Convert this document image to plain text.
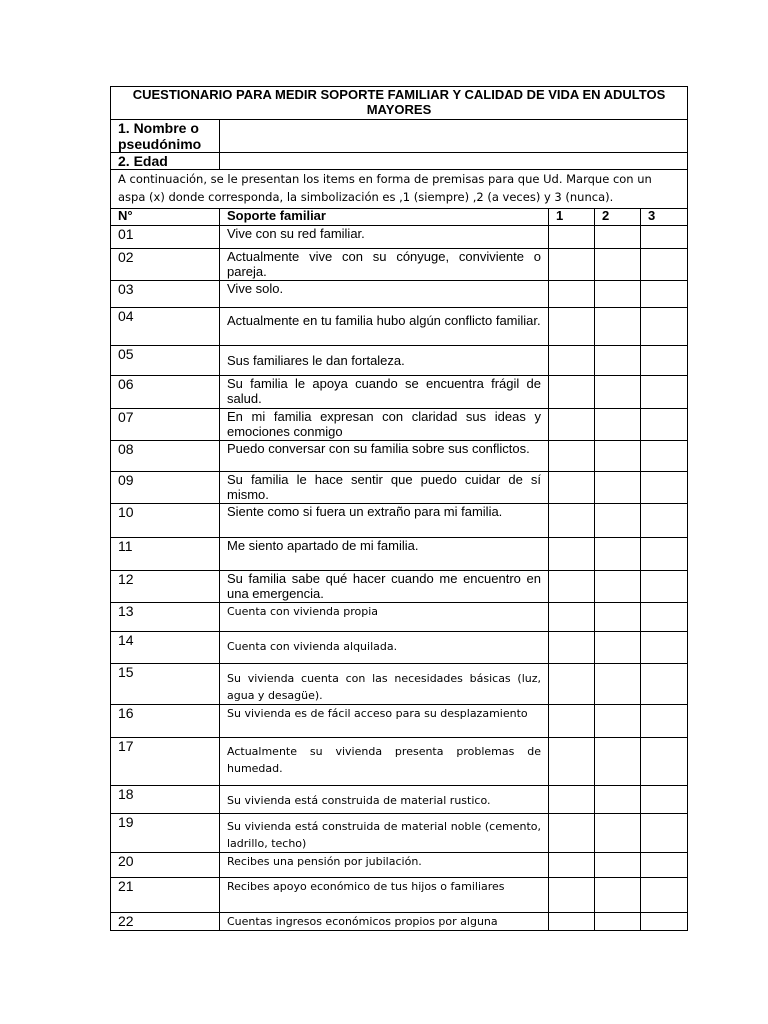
CUESTIONARIO PARA MEDIR SOPORTE FAMILIAR Y CALIDAD DE VIDA EN ADULTOS MAYORES				
1. Nombre o pseudónimo				
2. Edad				
A continuación, se le presentan los items en forma de premisas para que Ud. Marque con un aspa (x) donde corresponda, la simbolización es ,1 (siempre) ,2 (a veces) y 3 (nunca).				
N°	Soporte familiar	1	2	3
01	Vive con su red familiar.			
02	Actualmente vive con su cónyuge, conviviente o pareja.			
03	Vive solo.			
04	Actualmente en tu familia hubo algún conflicto familiar.			
05	Sus familiares le dan fortaleza.			
06	Su familia le apoya cuando se encuentra frágil de salud.			
07	En mi familia expresan con claridad sus ideas y emociones conmigo			
08	Puedo conversar con su familia sobre sus conflictos.			
09	Su familia le hace sentir que puedo cuidar de sí mismo.			
10	Siente como si fuera un extraño para mi familia.			
11	Me siento apartado de mi familia.			
12	Su familia sabe qué hacer cuando me encuentro en una emergencia.			
13	Cuenta con vivienda propia			
14	Cuenta con vivienda alquilada.			
15	Su vivienda cuenta con las necesidades básicas (luz, agua y desagüe).			
16	Su vivienda es de fácil acceso para su desplazamiento			
17	Actualmente su vivienda presenta problemas de humedad.			
18	Su vivienda está construida de material rustico.			
19	Su vivienda está construida de material noble (cemento, ladrillo, techo)			
20	Recibes una pensión por jubilación.			
21	Recibes apoyo económico de tus hijos o familiares			
22	Cuentas ingresos económicos propios por alguna			
